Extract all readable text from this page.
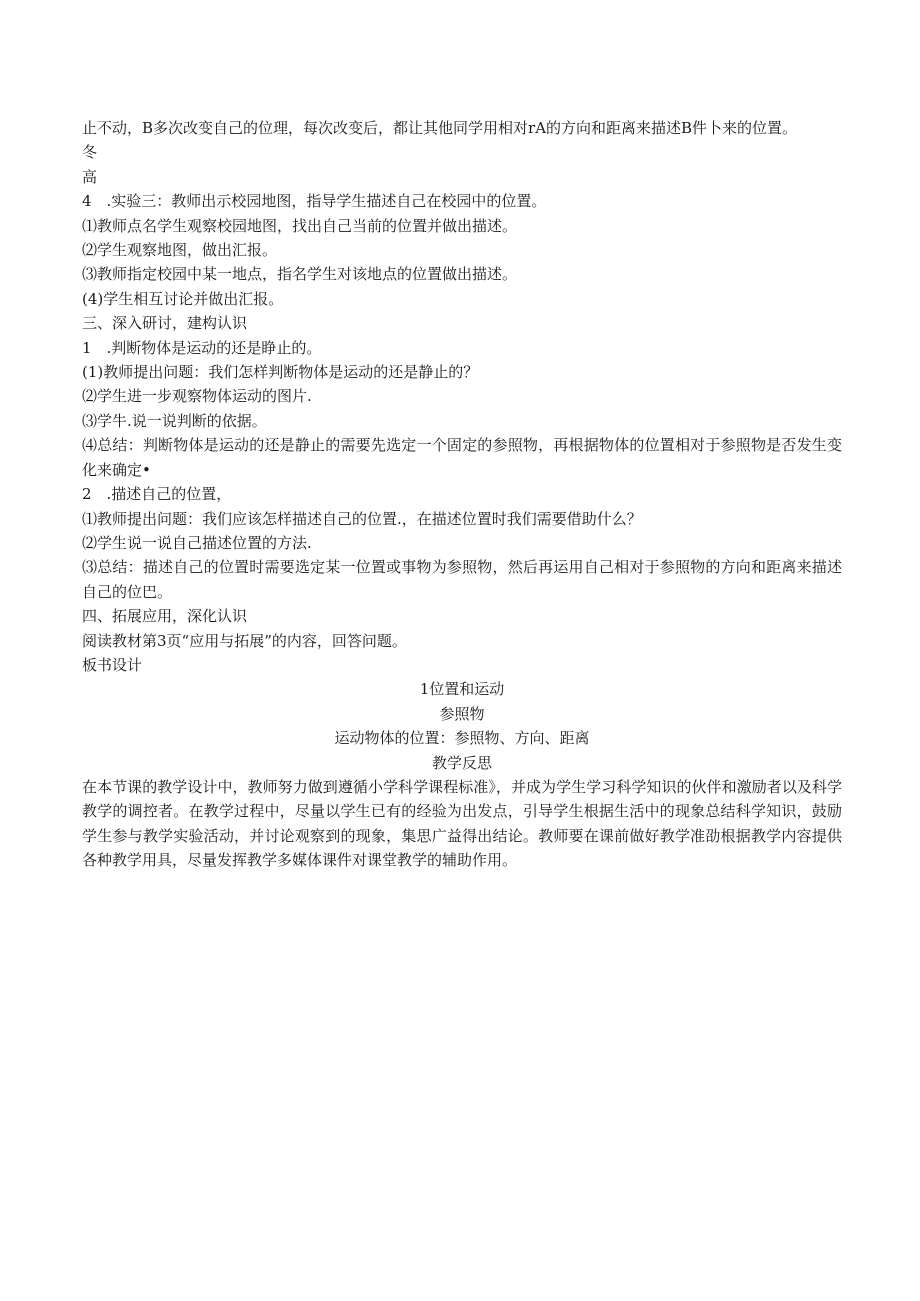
止不动，B多次改变自己的位理，每次改变后，都让其他同学用相对rA的方向和距离来描述B件卜来的位置。
冬
高
4　.实验三：教师出示校园地图，指导学生描述自己在校园中的位置。
⑴教师点名学生观察校园地图，找出自己当前的位置并做出描述。
⑵学生观察地图，做出汇报。
⑶教师指定校园中某一地点，指名学生对该地点的位置做出描述。
(4)学生相互讨论并做出汇报。
三、深入研讨，建构认识
1　.判断物体是运动的还是睁止的。
(1)教师提出问题：我们怎样判断物体是运动的还是静止的？
⑵学生进一步观察物体运动的图片.
⑶学牛.说一说判断的依据。
⑷总结：判断物体是运动的还是静止的需要先选定一个固定的参照物，再根据物体的位置相对于参照物是否发生变化来确定•
2　.描述自己的位置，
⑴教师提出问题：我们应该怎样描述自己的位置.，在描述位置时我们需要借助什么？
⑵学生说一说自己描述位置的方法.
⑶总结：描述自己的位置时需要选定某一位置或事物为参照物，然后再运用自己相对于参照物的方向和距离来描述自己的位巴。
四、拓展应用，深化认识
阅读教材第3页“应用与拓展”的内容，回答问题。
板书设计
1位置和运动
参照物
运动物体的位置：参照物、方向、距离
教学反思
在本节课的教学设计中，教师努力做到遵循小学科学课程标准》，并成为学生学习科学知识的伙伴和激励者以及科学教学的调控者。在教学过程中，尽量以学生已有的经验为出发点，引导学生根据生活中的现象总结科学知识，鼓励学生参与教学实验活动，并讨论观察到的现象，集思广益得出结论。教师要在课前做好教学准劭根据教学内容提供各种教学用具，尽量发挥教学多媒体课件对课堂教学的辅助作用。
